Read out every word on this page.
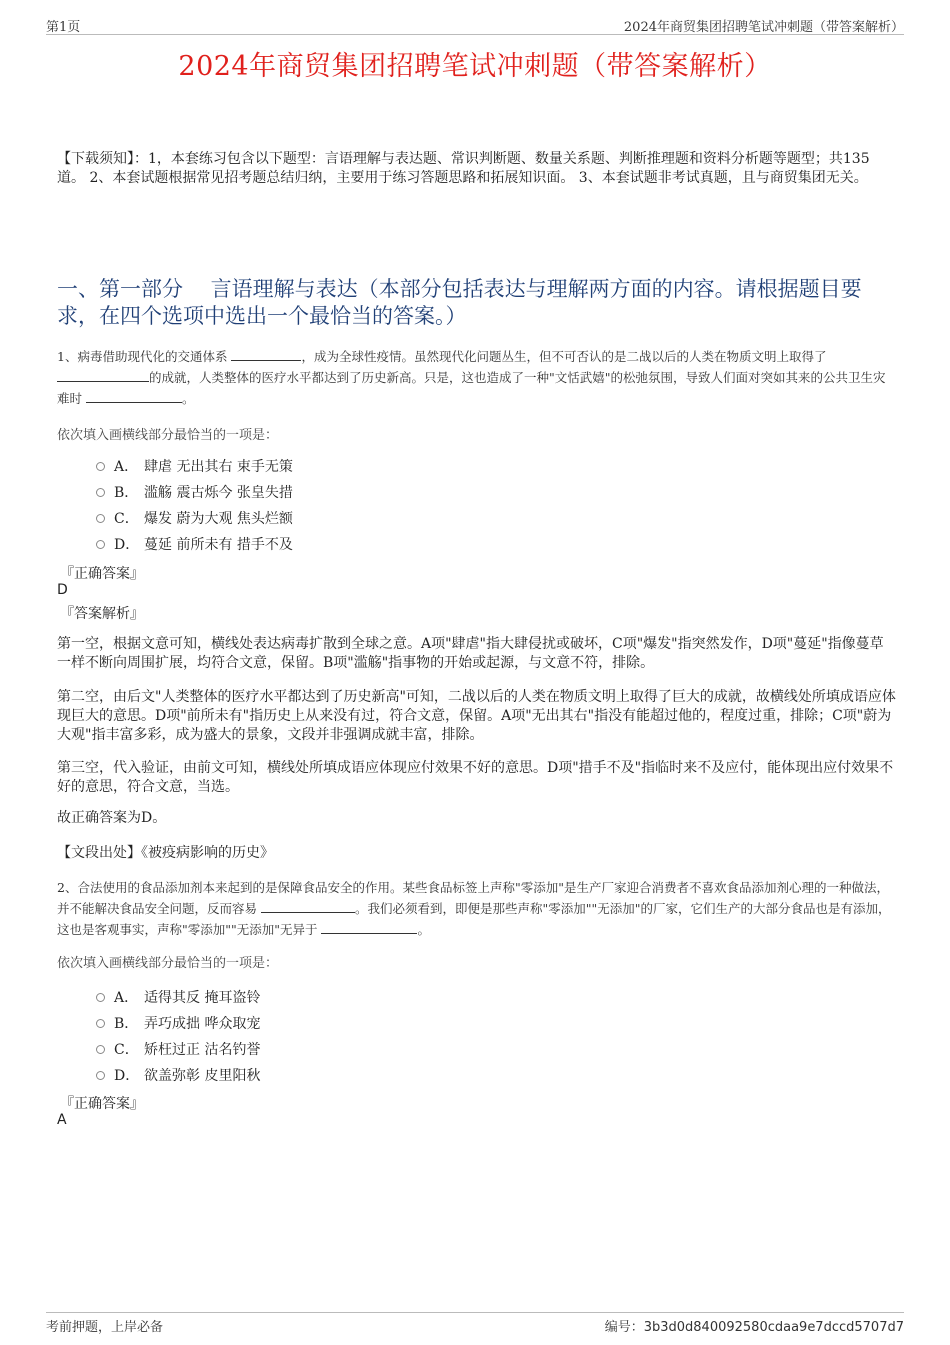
第1页	2024年商贸集团招聘笔试冲刺题（带答案解析）
2024年商贸集团招聘笔试冲刺题（带答案解析）
【下载须知】：1，本套练习包含以下题型：言语理解与表达题、常识判断题、数量关系题、判断推理题和资料分析题等题型；共135道。 2、本套试题根据常见招考题总结归纳，主要用于练习答题思路和拓展知识面。 3、本套试题非考试真题，且与商贸集团无关。
一、第一部分　 言语理解与表达（本部分包括表达与理解两方面的内容。请根据题目要求，在四个选项中选出一个最恰当的答案。）
1、病毒借助现代化的交通体系	，成为全球性疫情。虽然现代化问题丛生，但不可否认的是二战以后的人类在物质文明上取得了
的成就，人类整体的医疗水平都达到了历史新高。只是，这也造成了一种"文恬武嬉"的松弛氛围，导致人们面对突如其来的公共卫生灾难时	。
依次填入画横线部分最恰当的一项是：
A． 肆虐 无出其右 束手无策
B． 滥觞 震古烁今 张皇失措
C． 爆发 蔚为大观 焦头烂额
D． 蔓延 前所未有 措手不及
『正确答案』
D
『答案解析』
第一空，根据文意可知，横线处表达病毒扩散到全球之意。A项"肆虐"指大肆侵扰或破坏，C项"爆发"指突然发作，D项"蔓延"指像蔓草一样不断向周围扩展，均符合文意，保留。B项"滥觞"指事物的开始或起源，与文意不符，排除。
第二空，由后文"人类整体的医疗水平都达到了历史新高"可知，二战以后的人类在物质文明上取得了巨大的成就，故横线处所填成语应体现巨大的意思。D项"前所未有"指历史上从来没有过，符合文意，保留。A项"无出其右"指没有能超过他的，程度过重，排除；C项"蔚为大观"指丰富多彩，成为盛大的景象，文段并非强调成就丰富，排除。
第三空，代入验证，由前文可知，横线处所填成语应体现应付效果不好的意思。D项"措手不及"指临时来不及应付，能体现出应付效果不好的意思，符合文意，当选。
故正确答案为D。
【文段出处】《被疫病影响的历史》
2、合法使用的食品添加剂本来起到的是保障食品安全的作用。某些食品标签上声称"零添加"是生产厂家迎合消费者不喜欢食品添加剂心理的一种做法，并不能解决食品安全问题，反而容易	。我们必须看到，即便是那些声称"零添加""无添加"的厂家，它们生产的大部分食品也是有添加，这也是客观事实，声称"零添加""无添加"无异于	。
依次填入画横线部分最恰当的一项是：
A． 适得其反 掩耳盗铃
B． 弄巧成拙 哗众取宠
C． 矫枉过正 沽名钓誉
D． 欲盖弥彰 皮里阳秋
『正确答案』
A
考前押题，上岸必备	编号：3b3d0d840092580cdaa9e7dccd5707d7
